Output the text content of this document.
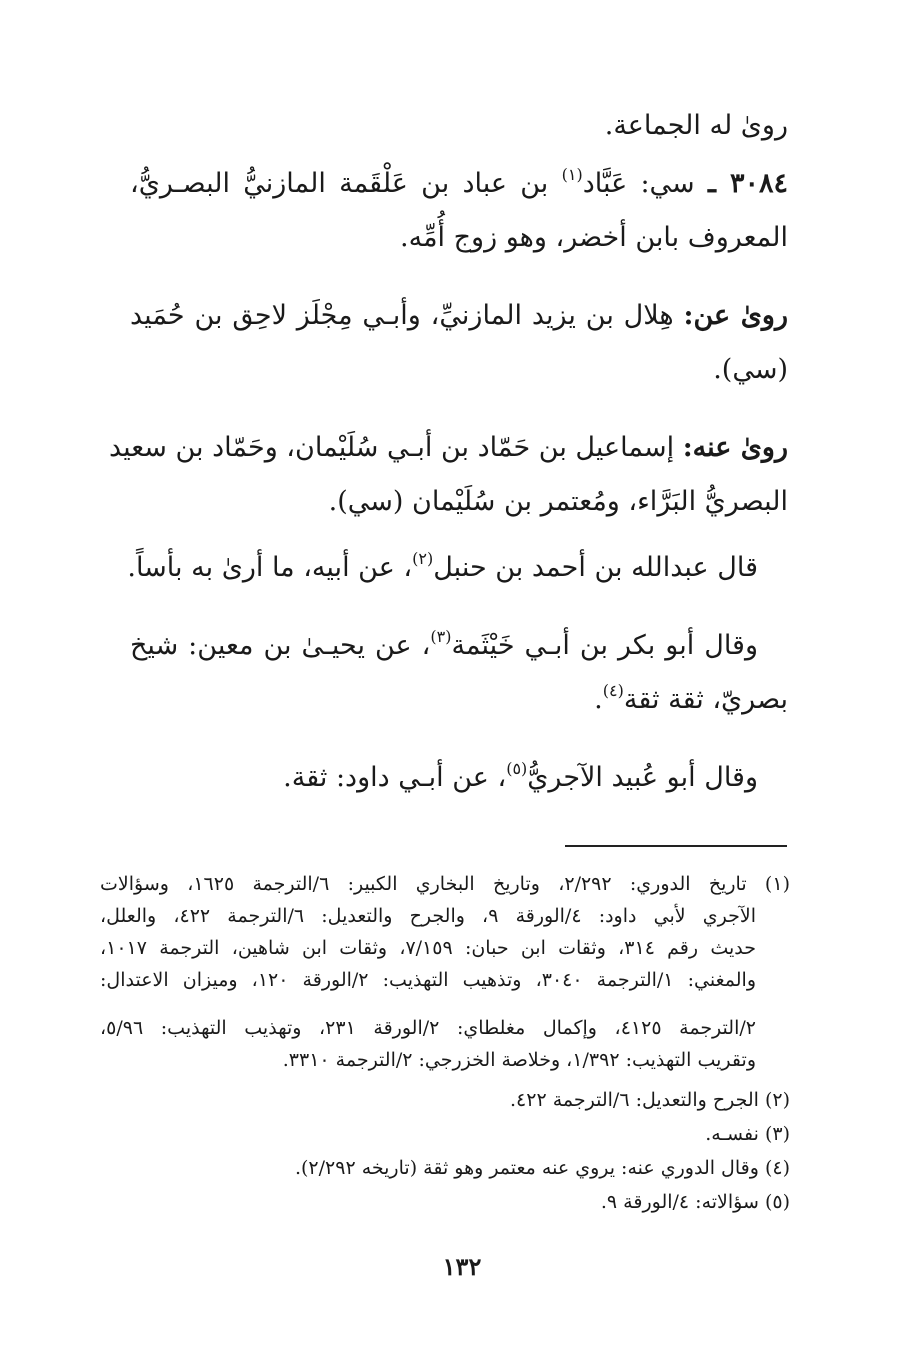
روىٰ له الجماعة.
٣٠٨٤ ـ سي: عَبَّاد$^{(١)}$ بن عباد بن عَلْقَمة المازنيُّ البصـريُّ،
المعروف بابن أخضر، وهو زوج أُمِّه.
روىٰ عن: هِلال بن يزيد المازنيِّ، وأبـي مِجْلَز لاحِق بن حُمَيد
(سي).
روىٰ عنه: إسماعيل بن حَمّاد بن أبـي سُلَيْمان، وحَمّاد بن سعيد
البصريُّ البَرَّاء، ومُعتمر بن سُلَيْمان (سي).
قال عبدالله بن أحمد بن حنبل$^{(٢)}$، عن أبيه، ما أرىٰ به بأساً.
وقال أبو بكر بن أبـي خَيْثَمة$^{(٣)}$، عن يحيـىٰ بن معين: شيخ
بصريّ، ثقة ثقة$^{(٤)}$.
وقال أبو عُبيد الآجريُّ$^{(٥)}$، عن أبـي داود: ثقة.
(١) تاريخ الدوري: ٢/٢٩٢، وتاريخ البخاري الكبير: ٦/الترجمة ١٦٢٥، وسؤالات
الآجري لأبي داود: ٤/الورقة ٩، والجرح والتعديل: ٦/الترجمة ٤٢٢، والعلل،
حديث رقم ٣١٤، وثقات ابن حبان: ٧/١٥٩، وثقات ابن شاهين، الترجمة ١٠١٧،
والمغني: ١/الترجمة ٣٠٤٠، وتذهيب التهذيب: ٢/الورقة ١٢٠، وميزان الاعتدال:
٢/الترجمة ٤١٢٥، وإكمال مغلطاي: ٢/الورقة ٢٣١، وتهذيب التهذيب: ٥/٩٦،
وتقريب التهذيب: ١/٣٩٢، وخلاصة الخزرجي: ٢/الترجمة ٣٣١٠.
(٢) الجرح والتعديل: ٦/الترجمة ٤٢٢.
(٣) نفسـه.
(٤) وقال الدوري عنه: يروي عنه معتمر وهو ثقة (تاريخه ٢/٢٩٢).
(٥) سؤالاته: ٤/الورقة ٩.
١٣٢
